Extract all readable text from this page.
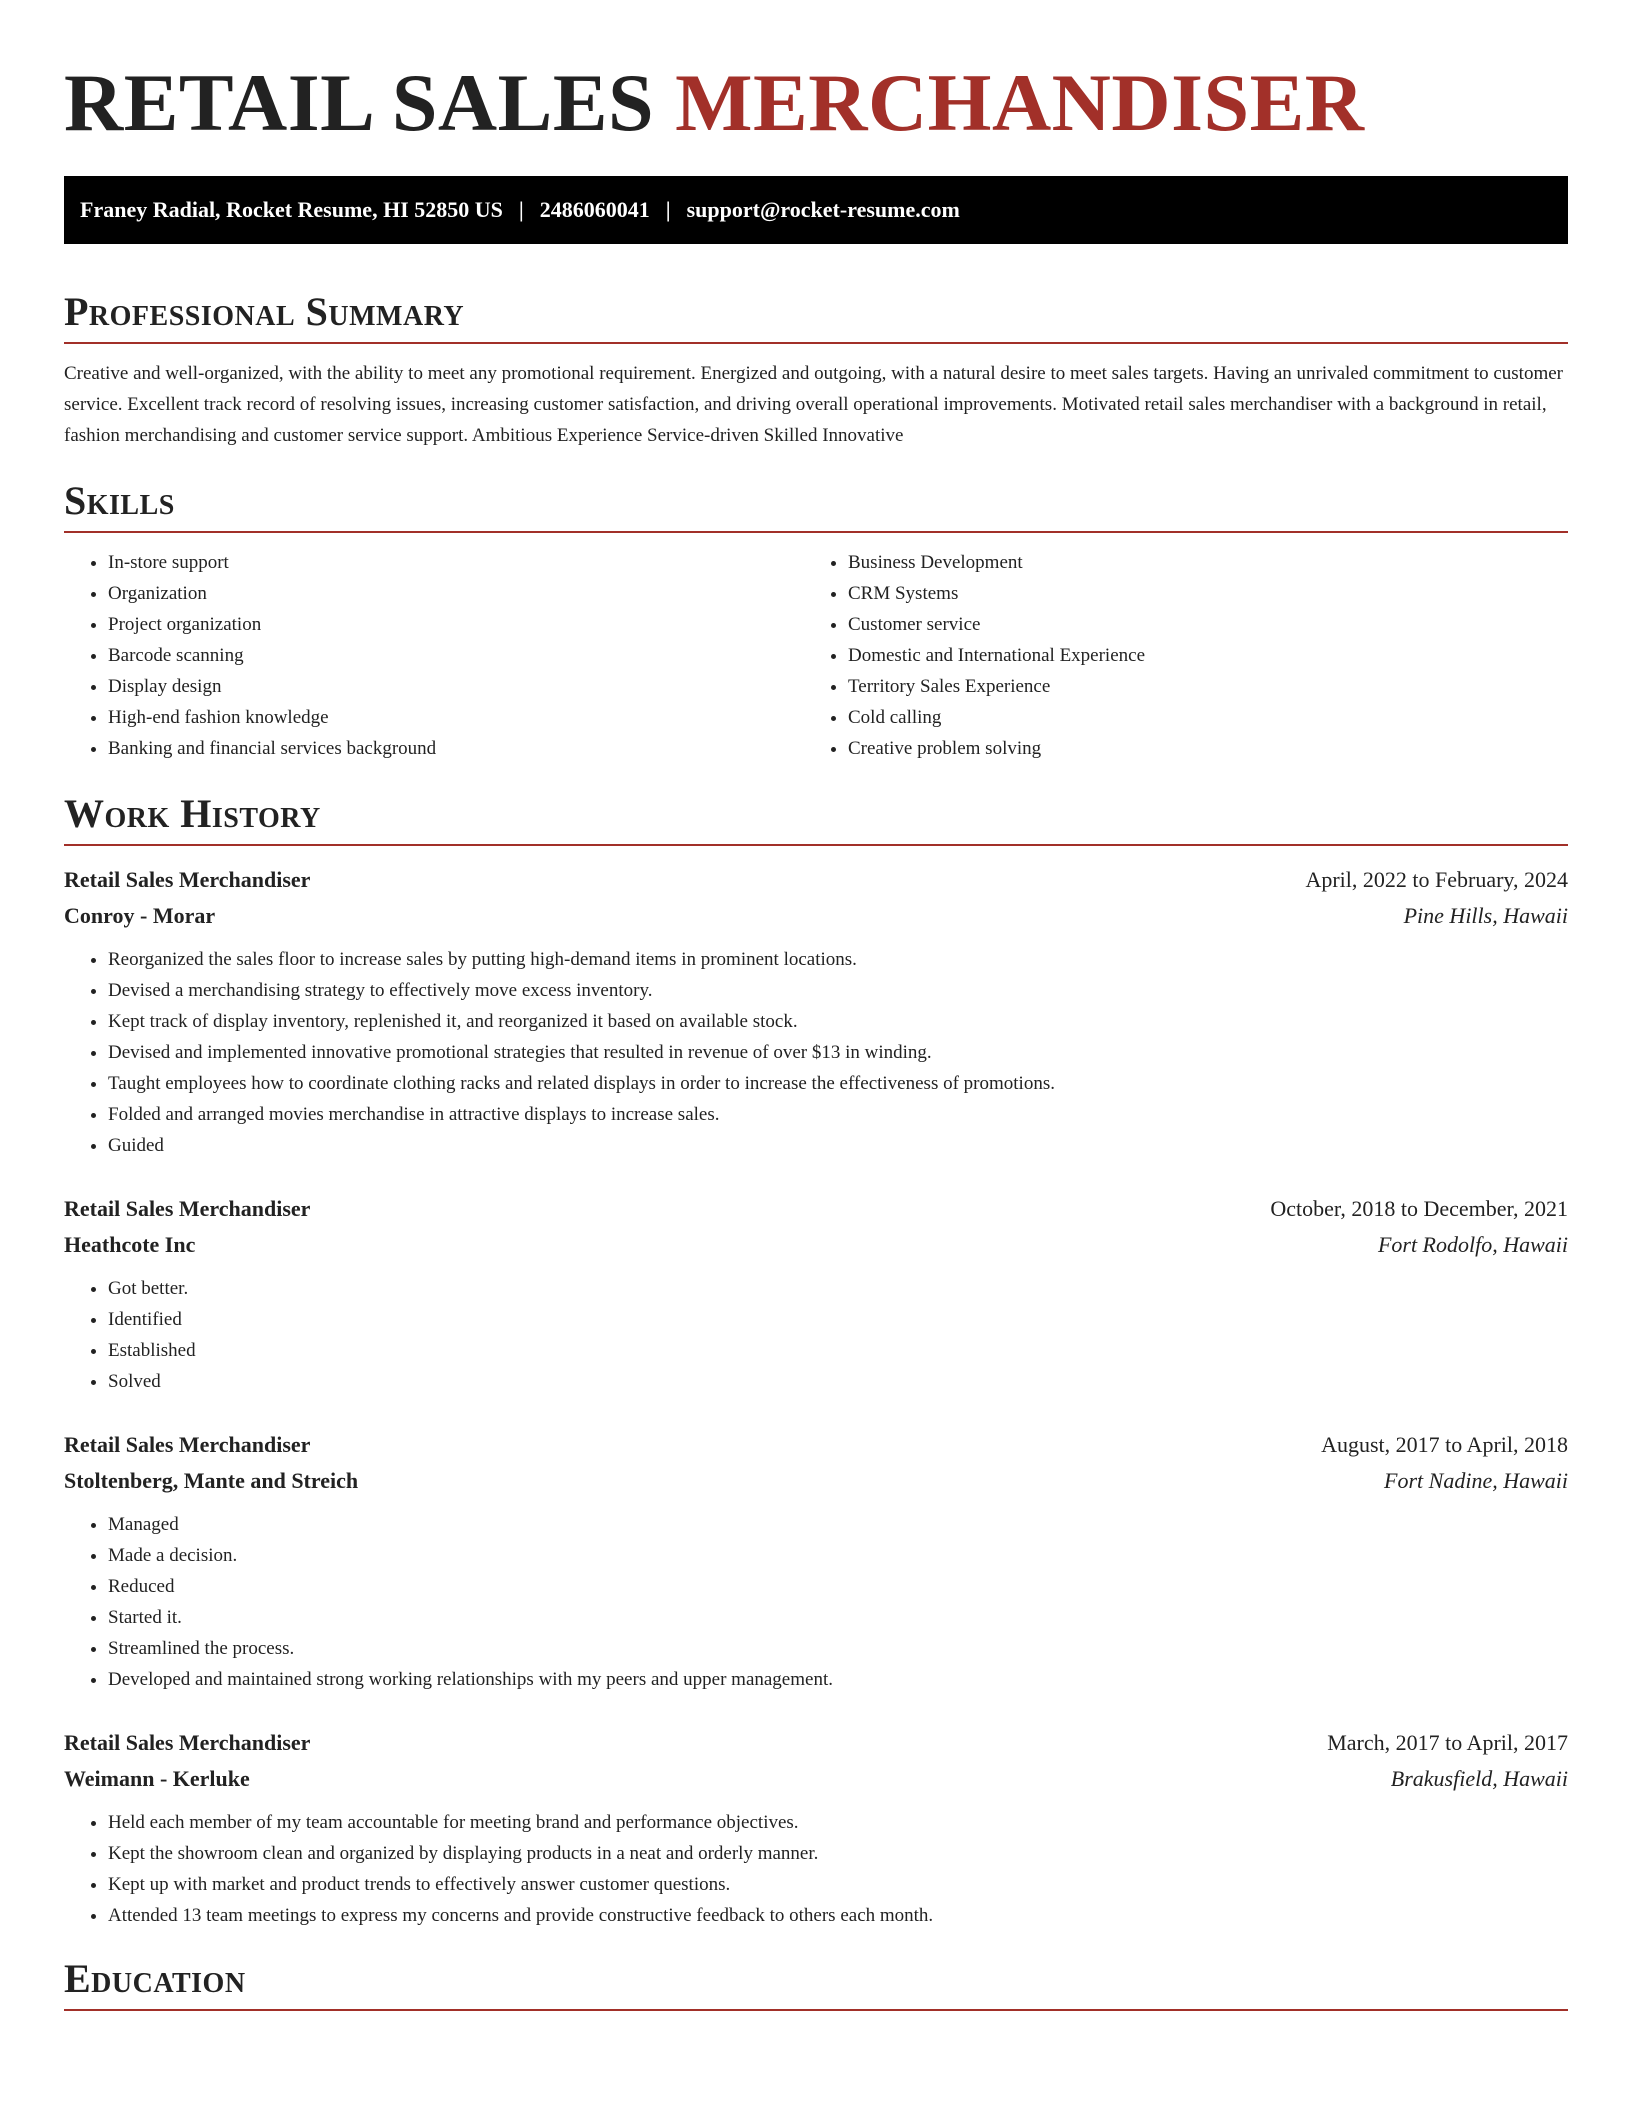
RETAIL SALES MERCHANDISER
Franey Radial, Rocket Resume, HI 52850 US | 2486060041 | support@rocket-resume.com
Professional Summary

Creative and well-organized, with the ability to meet any promotional requirement. Energized and outgoing, with a natural desire to meet sales targets. Having an unrivaled commitment to customer service. Excellent track record of resolving issues, increasing customer satisfaction, and driving overall operational improvements. Motivated retail sales merchandiser with a background in retail, fashion merchandising and customer service support. Ambitious Experience Service-driven Skilled Innovative

Skills
• In-store support
• Organization
• Project organization
• Barcode scanning
• Display design
• High-end fashion knowledge
• Banking and financial services background
• Business Development
• CRM Systems
• Customer service
• Domestic and International Experience
• Territory Sales Experience
• Cold calling
• Creative problem solving
Work History
Retail Sales Merchandiser	April, 2022 to February, 2024
Conroy - Morar	Pine Hills, Hawaii
• Reorganized the sales floor to increase sales by putting high-demand items in prominent locations.
• Devised a merchandising strategy to effectively move excess inventory.
• Kept track of display inventory, replenished it, and reorganized it based on available stock.
• Devised and implemented innovative promotional strategies that resulted in revenue of over $13 in winding.
• Taught employees how to coordinate clothing racks and related displays in order to increase the effectiveness of promotions.
• Folded and arranged movies merchandise in attractive displays to increase sales.
• Guided
Retail Sales Merchandiser	October, 2018 to December, 2021
Heathcote Inc	Fort Rodolfo, Hawaii
• Got better.
• Identified
• Established
• Solved
Retail Sales Merchandiser	August, 2017 to April, 2018
Stoltenberg, Mante and Streich	Fort Nadine, Hawaii
• Managed
• Made a decision.
• Reduced
• Started it.
• Streamlined the process.
• Developed and maintained strong working relationships with my peers and upper management.
Retail Sales Merchandiser	March, 2017 to April, 2017
Weimann - Kerluke	Brakusfield, Hawaii
• Held each member of my team accountable for meeting brand and performance objectives.
• Kept the showroom clean and organized by displaying products in a neat and orderly manner.
• Kept up with market and product trends to effectively answer customer questions.
• Attended 13 team meetings to express my concerns and provide constructive feedback to others each month.
Education
